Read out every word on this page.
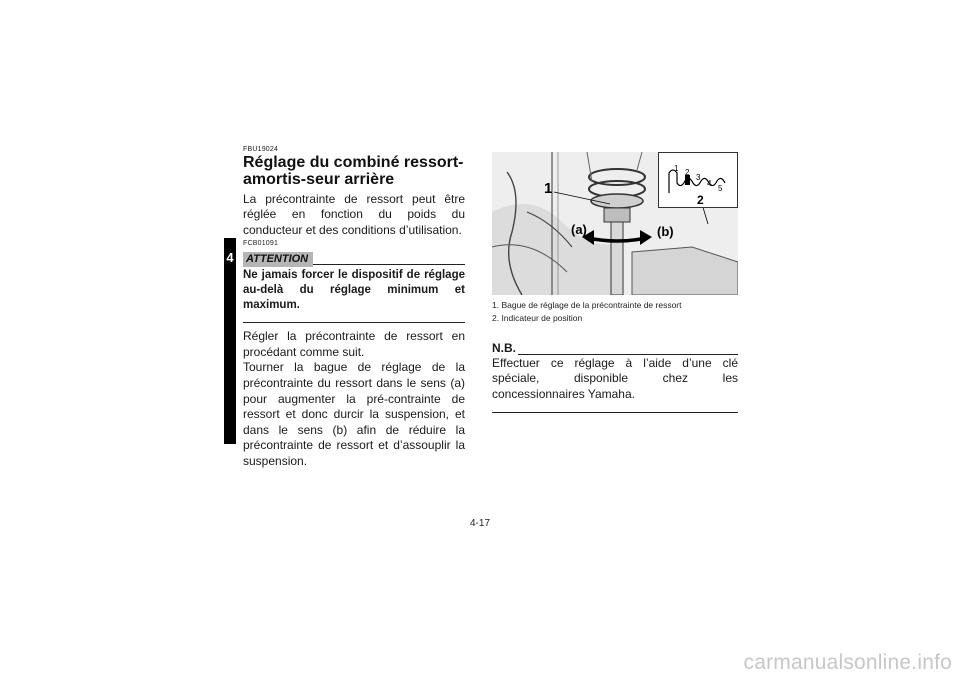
4
FBU19024
Réglage du combiné ressort-amortis-seur arrière
La précontrainte de ressort peut être réglée en fonction du poids du conducteur et des conditions d’utilisation.
FCB01091
ATTENTION
Ne jamais forcer le dispositif de réglage au-delà du réglage minimum et maximum.
Régler la précontrainte de ressort en procédant comme suit.
Tourner la bague de réglage de la précontrainte du ressort dans le sens (a) pour augmenter la pré-contrainte de ressort et donc durcir la suspension, et dans le sens (b) afin de réduire la précontrainte de ressort et d’assouplir la suspension.
1 2
3
4
5
2
1
(a)	(b)
1. Bague de réglage de la précontrainte de ressort
2. Indicateur de position
N.B.
Effectuer ce réglage à l’aide d’une clé spéciale, disponible chez les concessionnaires Yamaha.
4-17
carmanualsonline.info
